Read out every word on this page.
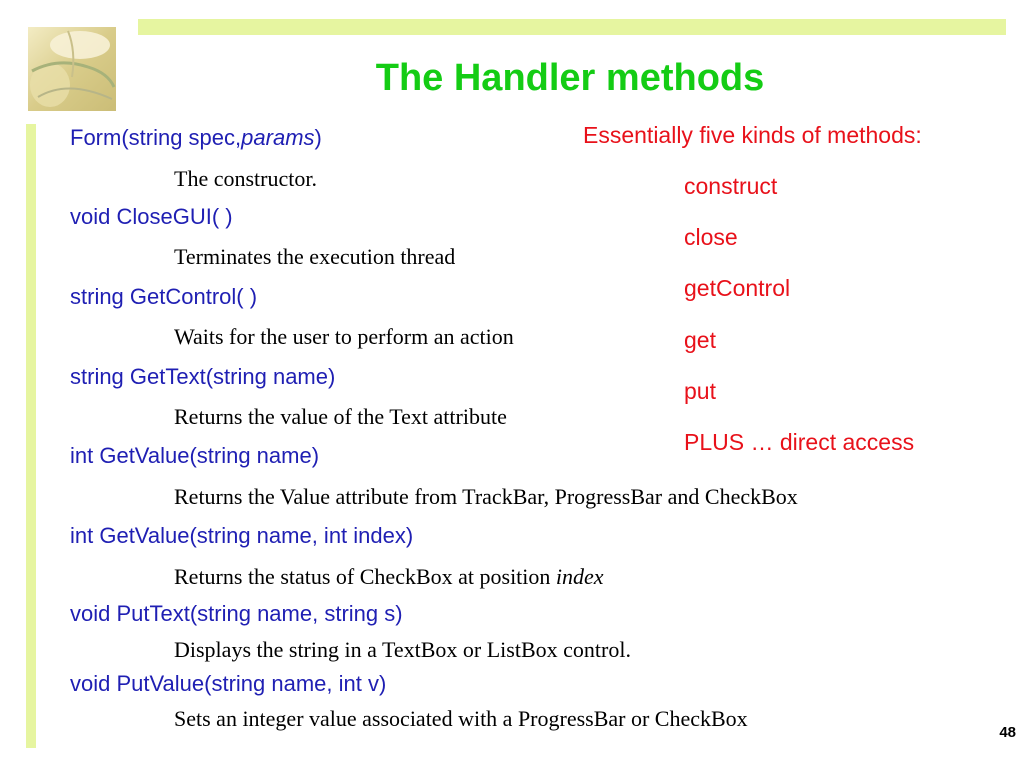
The Handler methods
Form(string spec,params)
The constructor.
void CloseGUI( )
Terminates the execution thread
string GetControl( )
Waits for the user to perform an action
string GetText(string name)
Returns the value of the Text attribute
int GetValue(string name)
Returns the Value attribute from TrackBar, ProgressBar and CheckBox
int GetValue(string name, int index)
Returns the status of CheckBox at position index
void PutText(string name, string s)
Displays the string in a TextBox or ListBox control.
void PutValue(string name, int v)
Sets an integer value associated with a ProgressBar or CheckBox
Essentially five kinds of methods:
construct
close
getControl
get
put
PLUS … direct access
48
